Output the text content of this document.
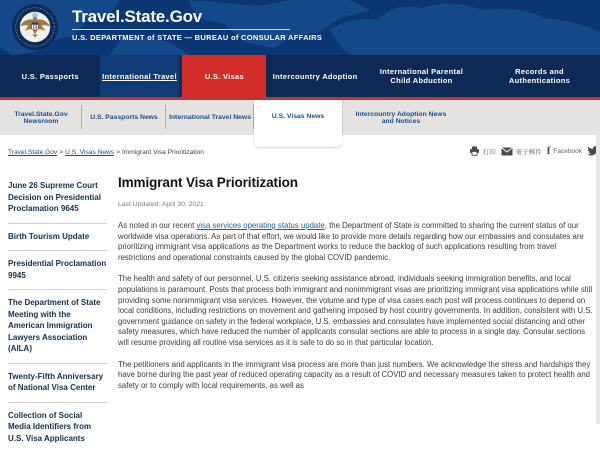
Travel.State.Gov
U.S. DEPARTMENT of STATE — BUREAU of CONSULAR AFFAIRS
U.S. Passports	International Travel	U.S. Visas	Intercountry Adoption	International Parental Child Abduction
Records and Authentications
Travel.State.Gov Newsroom	U.S. Passports News International Travel News	U.S. Visas News	Intercountry Adoption News and Notices
Travel.State.Gov > U.S. Visas News > Immigrant Visa Prioritization	打印	電子郵件 f Facebook
June 26 Supreme Court Decision on Presidential Proclamation 9645
Birth Tourism Update
Presidential Proclamation 9945
The Department of State Meeting with the American Immigration Lawyers Association (AILA)
Twenty-Fifth Anniversary of National Visa Center
Collection of Social Media Identifiers from U.S. Visa Applicants
Immigrant Visa Prioritization
Last Updated: April 30, 2021

As noted in our recent visa services operating status update, the Department of State is committed to sharing the current status of our worldwide visa operations. As part of that effort, we would like to provide more details regarding how our embassies and consulates are prioritizing immigrant visa applications as the Department works to reduce the backlog of such applications resulting from travel restrictions and operational constraints caused by the global COVID pandemic.

The health and safety of our personnel, U.S. citizens seeking assistance abroad, individuals seeking immigration benefits, and local populations is paramount. Posts that process both immigrant and nonimmigrant visas are prioritizing immigrant visa applications while still providing some nonimmigrant visa services. However, the volume and type of visa cases each post will process continues to depend on local conditions, including restrictions on movement and gathering imposed by host country governments. In addition, consistent with U.S. government guidance on safety in the federal workplace, U.S. embassies and consulates have implemented social distancing and other safety measures, which have reduced the number of applicants consular sections are able to process in a single day. Consular sections will resume providing all routine visa services as it is safe to do so in that particular location.

The petitioners and applicants in the immigrant visa process are more than just numbers. We acknowledge the stress and hardships they have borne during the past year of reduced operating capacity as a result of COVID and necessary measures taken to protect health and safety or to comply with local requirements, as well as
